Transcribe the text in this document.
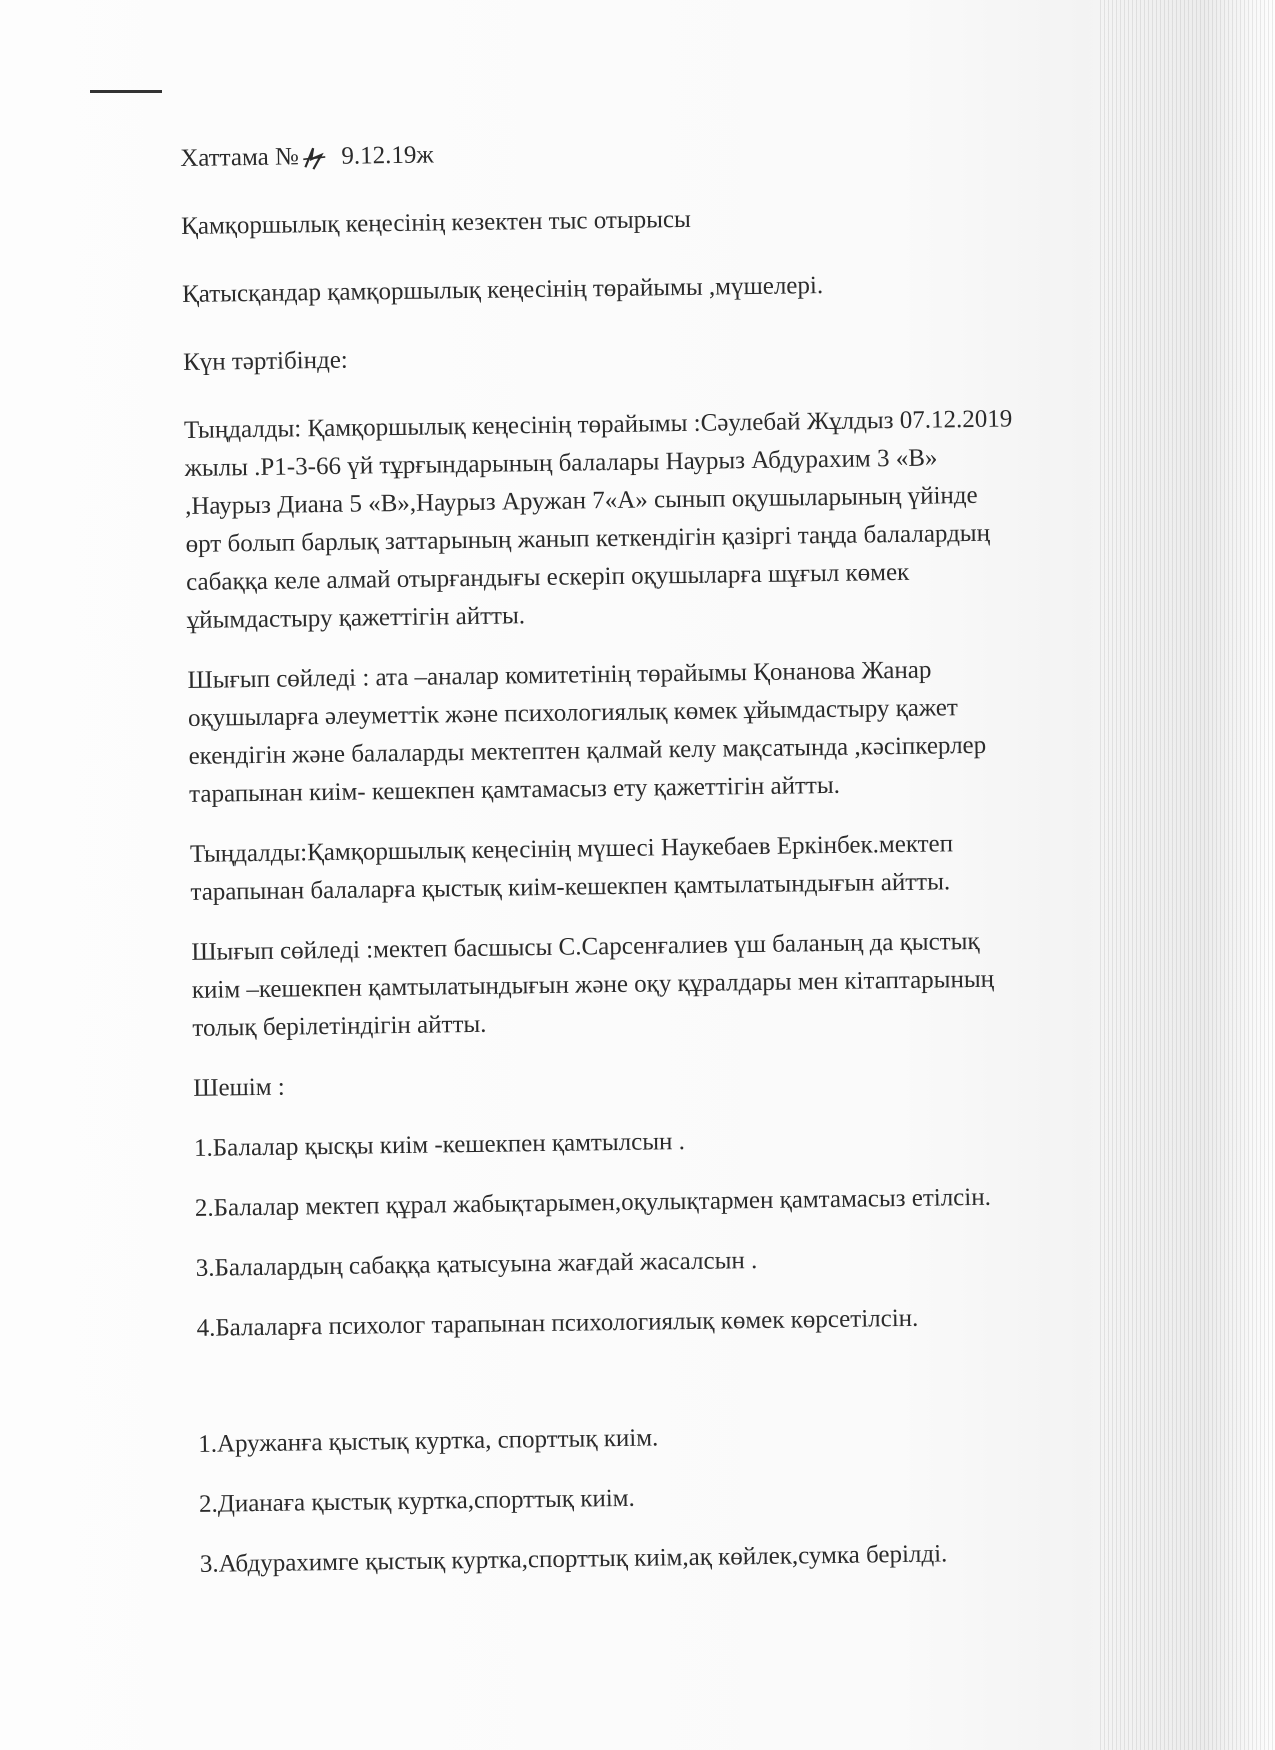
Хаттама № 9.12.19ж

Қамқоршылық кеңесінің кезектен тыс отырысы

Қатысқандар қамқоршылық кеңесінің төрайымы ,мүшелері.

Күн тәртібінде:

Тыңдалды: Қамқоршылық кеңесінің төрайымы :Сәулебай Жұлдыз 07.12.2019

жылы .Р1-3-66 үй тұрғындарының балалары Наурыз Абдурахим 3 «В»

,Наурыз Диана 5 «В»,Наурыз Аружан 7«А» сынып оқушыларының үйінде

өрт болып барлық заттарының жанып кеткендігін қазіргі таңда балалардың

сабаққа келе алмай отырғандығы ескеріп оқушыларға шұғыл көмек

ұйымдастыру қажеттігін айтты.

Шығып сөйледі : ата –аналар комитетінің төрайымы Қонанова Жанар

оқушыларға әлеуметтік және психологиялық көмек ұйымдастыру қажет

екендігін және балаларды мектептен қалмай келу мақсатында ,кәсіпкерлер

тарапынан киім- кешекпен қамтамасыз ету қажеттігін айтты.

Тыңдалды:Қамқоршылық кеңесінің мүшесі Наукебаев Еркінбек.мектеп

тарапынан балаларға қыстық киім-кешекпен қамтылатындығын айтты.

Шығып сөйледі :мектеп басшысы С.Сарсенғалиев үш баланың да қыстық

киім –кешекпен қамтылатындығын және оқу құралдары мен кітаптарының

толық берілетіндігін айтты.

Шешім :

1.Балалар қысқы киім -кешекпен қамтылсын .

2.Балалар мектеп құрал жабықтарымен,оқулықтармен қамтамасыз етілсін.

3.Балалардың сабаққа қатысуына жағдай жасалсын .

4.Балаларға психолог тарапынан психологиялық көмек көрсетілсін.

1.Аружанға қыстық куртка, спорттық киім.

2.Дианаға қыстық куртка,спорттық киім.

3.Абдурахимге қыстық куртка,спорттық киім,ақ көйлек,сумка берілді.
